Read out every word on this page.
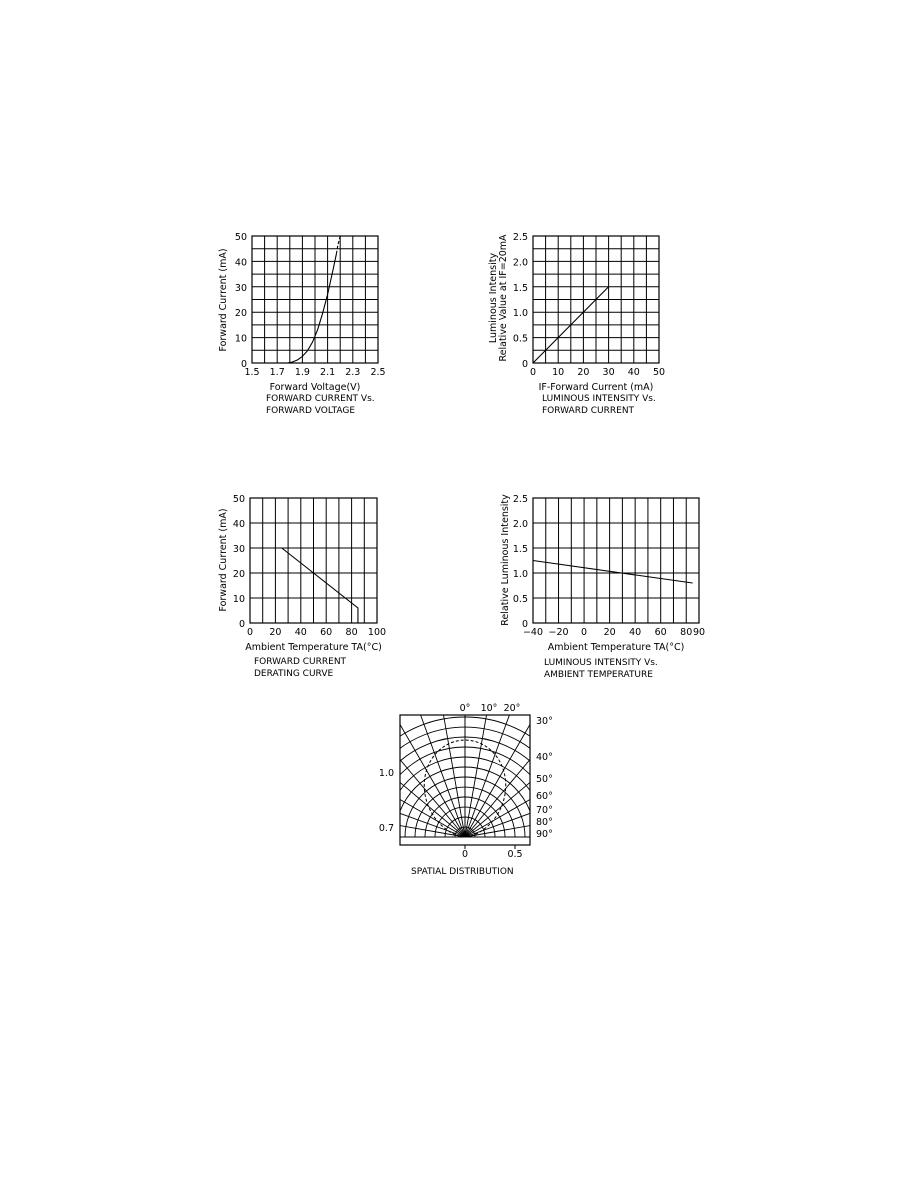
1.5 1.7 1.9 2.1 2.3 2.5
0
10
20
30
40
50
Forward Voltage(V)
Forward Current (mA)
FORWARD CURRENT Vs.
FORWARD VOLTAGE
0 10 20 30 40 50
0
0.5
1.0
1.5
2.0
2.5
IF-Forward Current (mA)
Luminous Intensity Relative Value at IF=20mA
LUMINOUS INTENSITY Vs.
FORWARD CURRENT
0 20 40 60 80 100
0
10
20
30
40
50
Ambient Temperature TA(°C)
Forward Current (mA)
FORWARD CURRENT
DERATING CURVE
−40 −20 0 20 40 60 80 90
0
0.5
1.0
1.5
2.0
2.5
Ambient Temperature TA(°C)
Relative Luminous Intensity
LUMINOUS INTENSITY Vs.
AMBIENT TEMPERATURE
0° 10° 20°
30°
40°
50°
60°
70°
80°
90°
1.0
0.7
0	0.5
SPATIAL DISTRIBUTION
